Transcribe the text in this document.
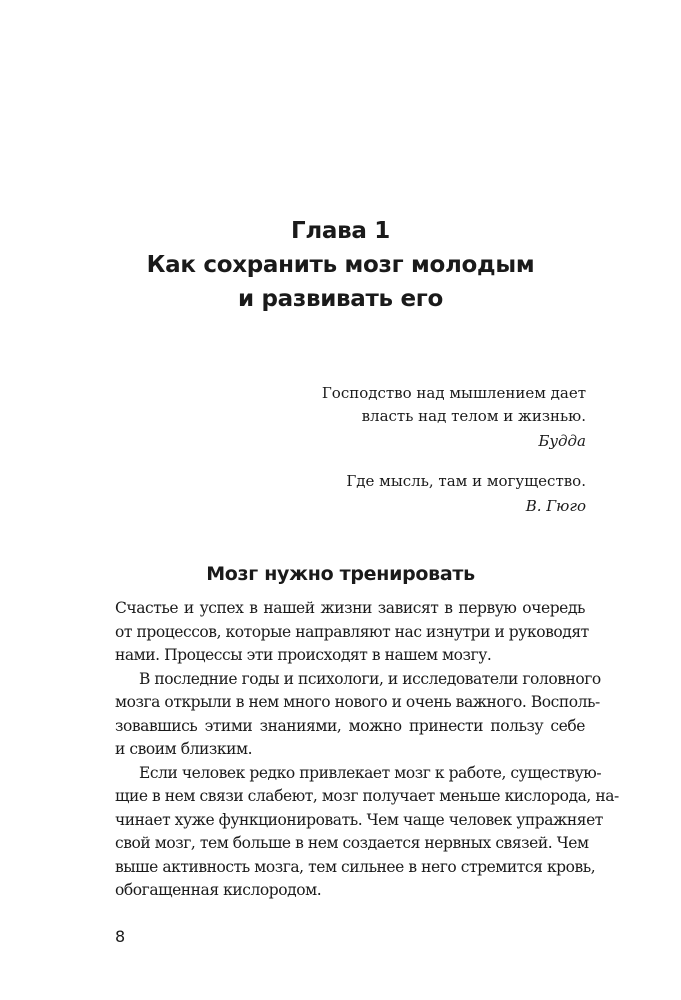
Глава 1
Как сохранить мозг молодым
и развивать его

Господство над мышлением дает

власть над телом и жизнью.

Будда

Где мысль, там и могущество.

В. Гюго

Мозг нужно тренировать
Счастье и успех в нашей жизни зависят в первую очередь
от процессов, которые направляют нас изнутри и руководят
нами. Процессы эти происходят в нашем мозгу.
В последние годы и психологи, и исследователи головного
мозга открыли в нем много нового и очень важного. Восполь-
зовавшись этими знаниями, можно принести пользу себе
и своим близким.
Если человек редко привлекает мозг к работе, существую-
щие в нем связи слабеют, мозг получает меньше кислорода, на-
чинает хуже функционировать. Чем чаще человек упражняет
свой мозг, тем больше в нем создается нервных связей. Чем
выше активность мозга, тем сильнее в него стремится кровь,
обогащенная кислородом.
8
